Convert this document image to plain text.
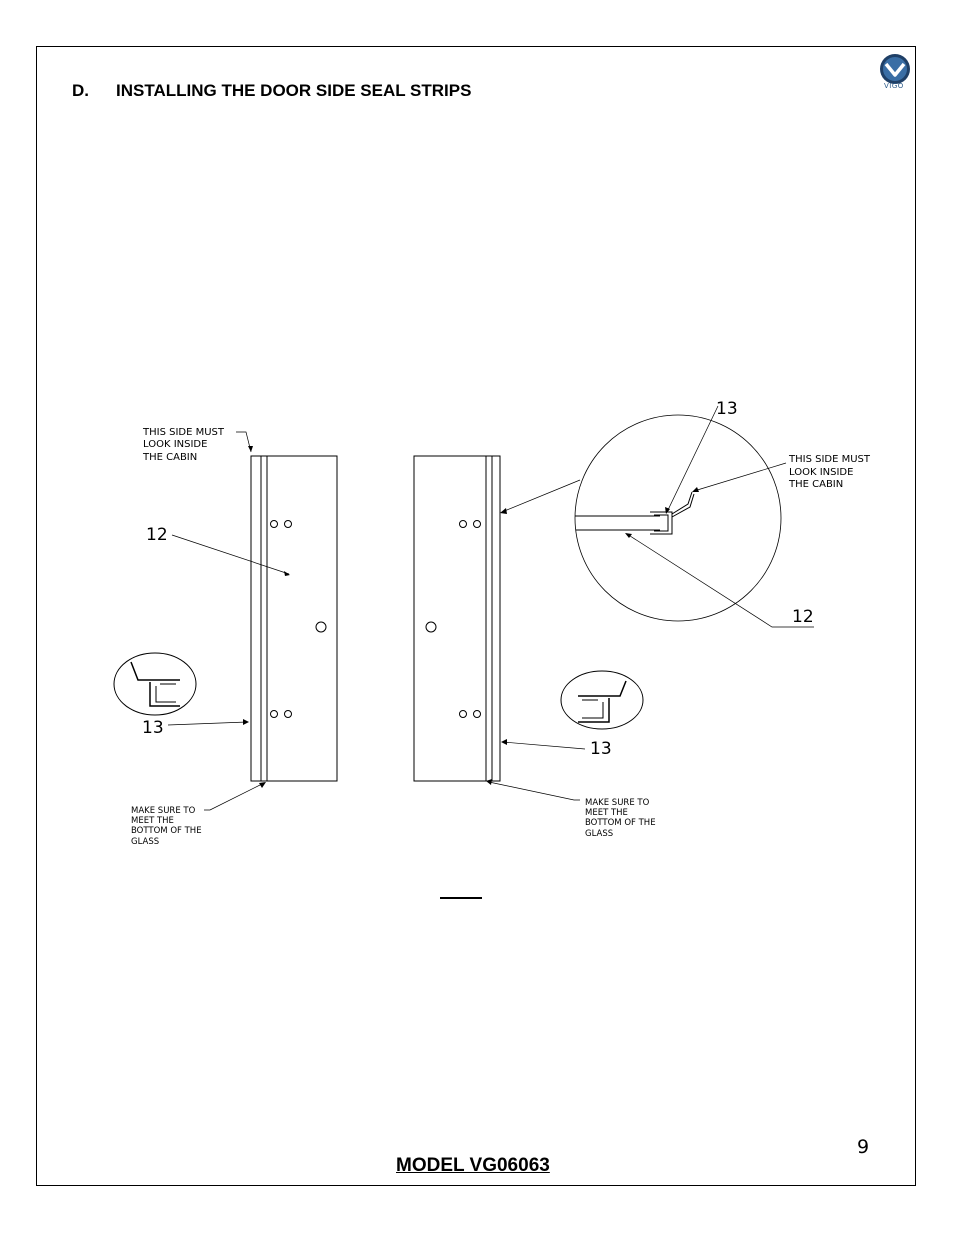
D. INSTALLING THE DOOR SIDE SEAL STRIPS	VIGO
THIS SIDE MUST
LOOK INSIDE
THE CABIN
12
13
MAKE SURE TO
MEET THE
BOTTOM OF THE
GLASS
13
MAKE SURE TO
MEET THE
BOTTOM OF THE
GLASS
13
THIS SIDE MUST
LOOK INSIDE
THE CABIN
12
9
MODEL VG06063
